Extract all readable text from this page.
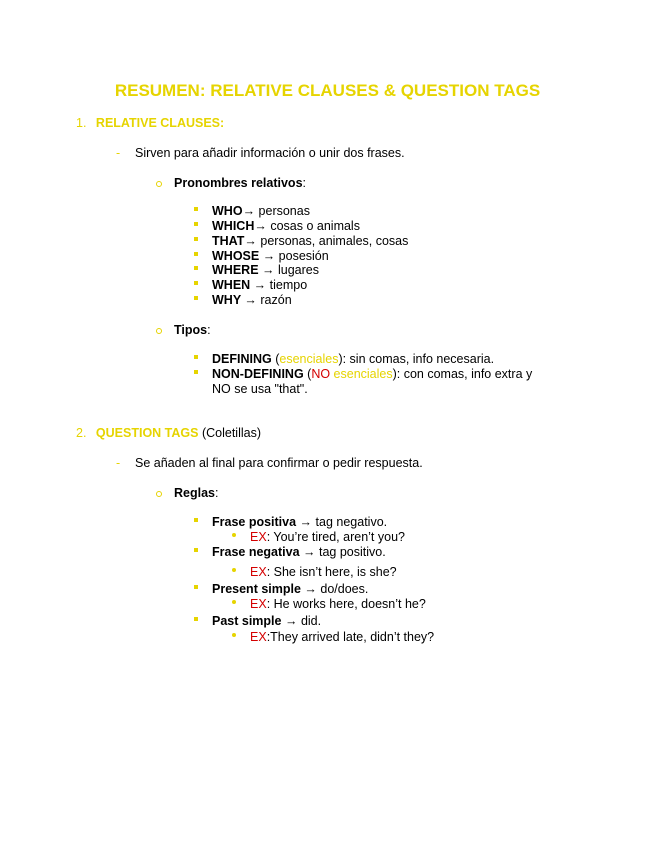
RESUMEN: RELATIVE CLAUSES & QUESTION TAGS
1. RELATIVE CLAUSES:
- Sirven para añadir información o unir dos frases.
Pronombres relativos:
WHO→ personas
WHICH→ cosas o animals
THAT→ personas, animales, cosas
WHOSE → posesión
WHERE → lugares
WHEN → tiempo
WHY → razón
Tipos:
DEFINING (esenciales): sin comas, info necesaria.
NON-DEFINING (NO esenciales): con comas, info extra y
NO se usa "that".
2. QUESTION TAGS (Coletillas)
- Se añaden al final para confirmar o pedir respuesta.
Reglas:
Frase positiva → tag negativo.
EX: You’re tired, aren’t you?
Frase negativa → tag positivo.
EX: She isn’t here, is she?
Present simple → do/does.
EX: He works here, doesn’t he?
Past simple → did.
EX:They arrived late, didn’t they?
